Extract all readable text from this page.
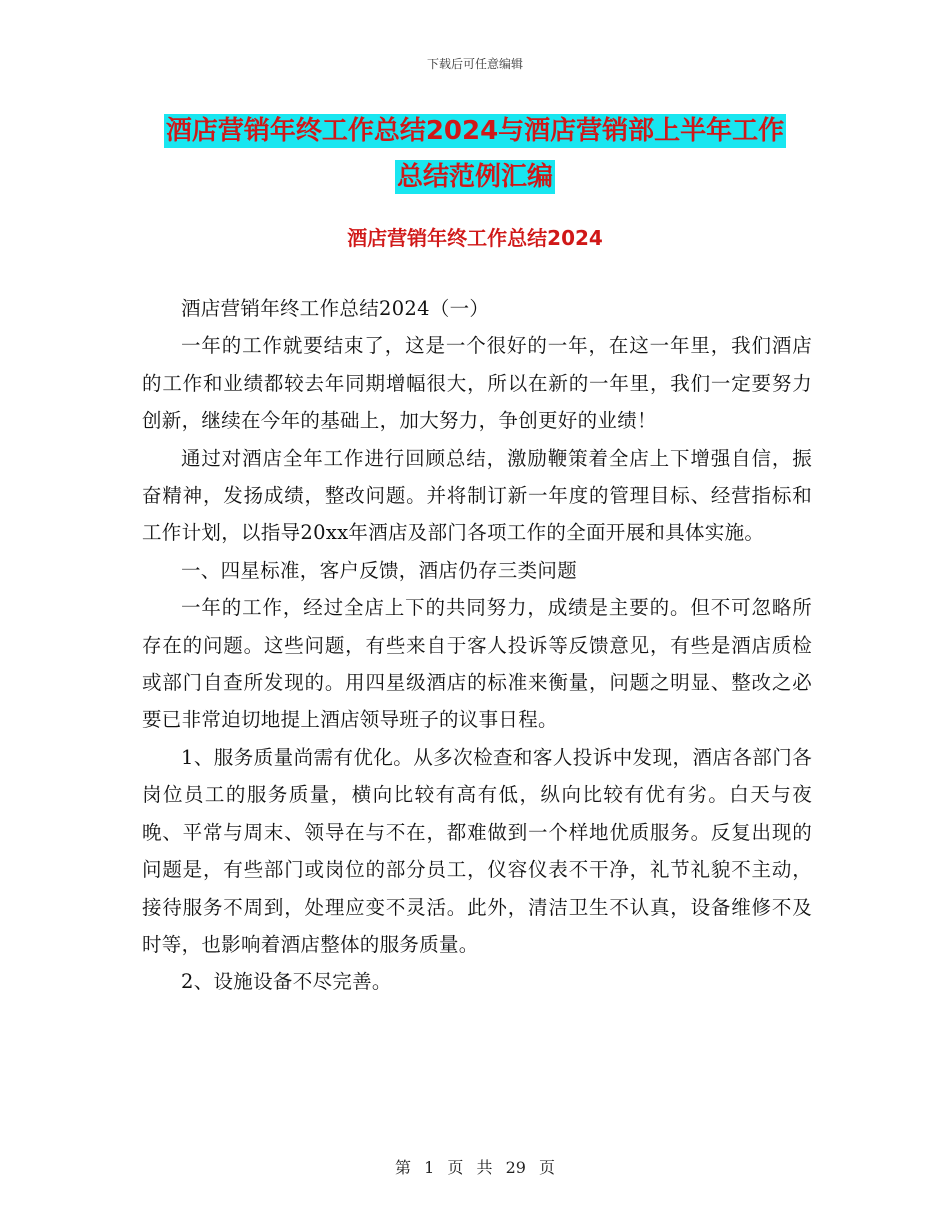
下载后可任意编辑
酒店营销年终工作总结2024与酒店营销部上半年工作
总结范例汇编
酒店营销年终工作总结2024

酒店营销年终工作总结2024（一）

一年的工作就要结束了，这是一个很好的一年，在这一年里，我们酒店的工作和业绩都较去年同期增幅很大，所以在新的一年里，我们一定要努力创新，继续在今年的基础上，加大努力，争创更好的业绩！

通过对酒店全年工作进行回顾总结，激励鞭策着全店上下增强自信，振奋精神，发扬成绩，整改问题。并将制订新一年度的管理目标、经营指标和工作计划，以指导20xx年酒店及部门各项工作的全面开展和具体实施。

一、四星标准，客户反馈，酒店仍存三类问题

一年的工作，经过全店上下的共同努力，成绩是主要的。但不可忽略所存在的问题。这些问题，有些来自于客人投诉等反馈意见，有些是酒店质检或部门自查所发现的。用四星级酒店的标准来衡量，问题之明显、整改之必要已非常迫切地提上酒店领导班子的议事日程。

1、服务质量尚需有优化。从多次检查和客人投诉中发现，酒店各部门各岗位员工的服务质量，横向比较有高有低，纵向比较有优有劣。白天与夜晚、平常与周末、领导在与不在，都难做到一个样地优质服务。反复出现的问题是，有些部门或岗位的部分员工，仪容仪表不干净，礼节礼貌不主动，接待服务不周到，处理应变不灵活。此外，清洁卫生不认真，设备维修不及时等，也影响着酒店整体的服务质量。

2、设施设备不尽完善。

第 1 页 共 29 页
